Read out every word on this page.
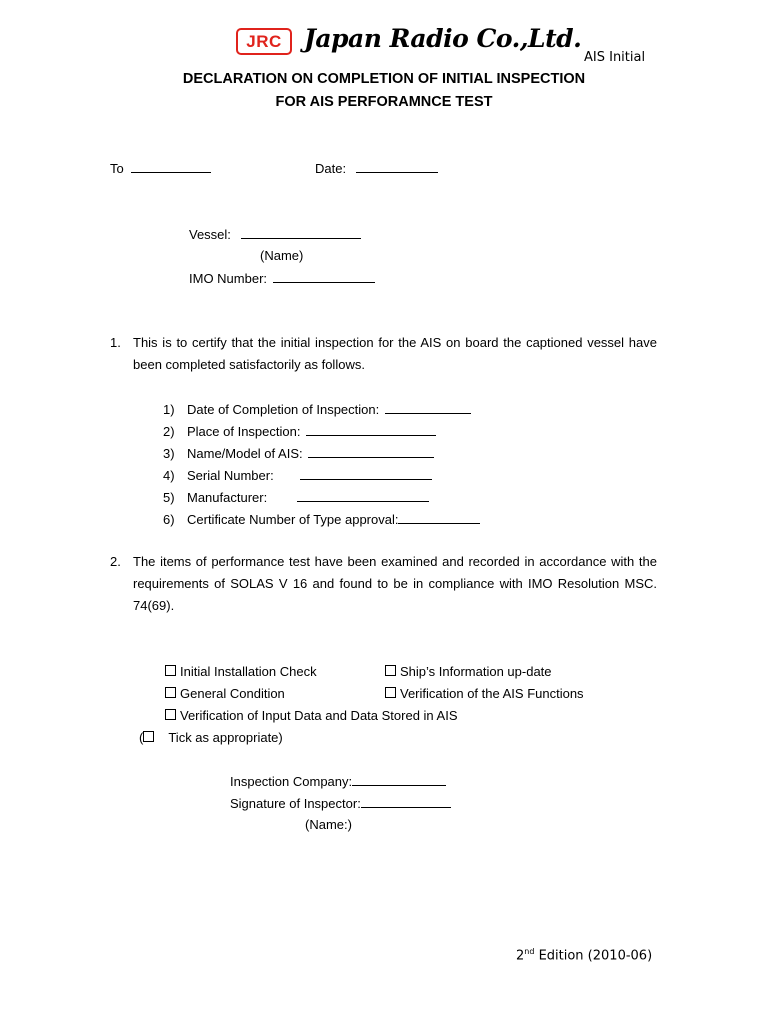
JRC Japan Radio Co.,Ltd.
AIS Initial
DECLARATION ON COMPLETION OF INITIAL INSPECTION
FOR AIS PERFORAMNCE TEST
To	Date:
Vessel:
(Name)
IMO Number:
1. This is to certify that the initial inspection for the AIS on board the captioned vessel have been completed satisfactorily as follows.
1) Date of Completion of Inspection:
2) Place of Inspection:
3) Name/Model of AIS:
4) Serial Number:
5) Manufacturer:
6) Certificate Number of Type approval:
2. The items of performance test have been examined and recorded in accordance with the requirements of SOLAS V 16 and found to be in compliance with IMO Resolution MSC. 74(69).
Initial Installation Check	Ship’s Information up-date
General Condition	Verification of the AIS Functions
Verification of Input Data and Data Stored in AIS
( Tick as appropriate)
Inspection Company:
Signature of Inspector:
(Name:)
2nd Edition (2010-06)
